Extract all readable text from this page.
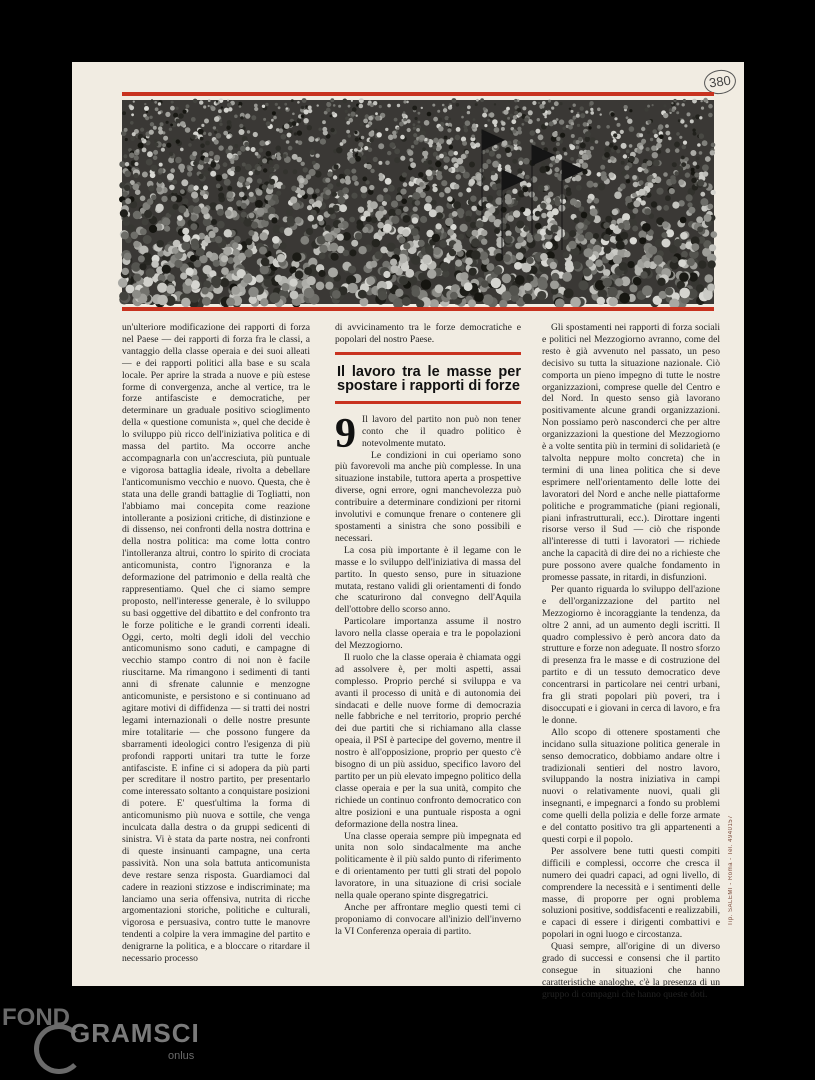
380

un'ulteriore modificazione dei rapporti di forza nel Paese — dei rapporti di forza fra le classi, a vantaggio della classe operaia e dei suoi alleati — e dei rapporti politici alla base e su scala locale. Per aprire la strada a nuove e più estese forme di convergenza, anche al vertice, tra le forze antifasciste e democratiche, per determinare un graduale positivo scioglimento della « questione comunista », quel che decide è lo sviluppo più ricco dell'iniziativa politica e di massa del partito. Ma occorre anche accompagnarla con un'accresciuta, più puntuale e vigorosa battaglia ideale, rivolta a debellare l'anticomunismo vecchio e nuovo. Questa, che è stata una delle grandi battaglie di Togliatti, non l'abbiamo mai concepita come reazione intollerante a posizioni critiche, di distinzione e di dissenso, nei confronti della nostra dottrina e della nostra politica: ma come lotta contro l'intolleranza altrui, contro lo spirito di crociata anticomunista, contro l'ignoranza e la deformazione del patrimonio e della realtà che rappresentiamo. Quel che ci siamo sempre proposto, nell'interesse generale, è lo sviluppo su basi oggettive del dibattito e del confronto tra le forze politiche e le grandi correnti ideali. Oggi, certo, molti degli idoli del vecchio anticomunismo sono caduti, e campagne di vecchio stampo contro di noi non è facile riuscitarne. Ma rimangono i sedimenti di tanti anni di sfrenate calunnie e menzogne anticomuniste, e persistono e si continuano ad agitare motivi di diffidenza — si tratti dei nostri legami internazionali o delle nostre presunte mire totalitarie — che possono fungere da sbarramenti ideologici contro l'esigenza di più profondi rapporti unitari tra tutte le forze antifasciste. E infine ci si adopera da più parti per screditare il nostro partito, per presentarlo come interessato soltanto a conquistare posizioni di potere. E' quest'ultima la forma di anticomunismo più nuova e sottile, che venga inculcata dalla destra o da gruppi sedicenti di sinistra. Vi è stata da parte nostra, nei confronti di queste insinuanti campagne, una certa passività. Non una sola battuta anticomunista deve restare senza risposta. Guardiamoci dal cadere in reazioni stizzose e indiscriminate; ma lanciamo una seria offensiva, nutrita di ricche argomentazioni storiche, politiche e culturali, vigorosa e persuasiva, contro tutte le manovre tendenti a colpire la vera immagine del partito e denigrarne la politica, e a bloccare o ritardare il necessario processo

di avvicinamento tra le forze democratiche e popolari del nostro Paese.

Il lavoro tra le masse per spostare i rapporti di forze

9 Il lavoro del partito non può non tener conto che il quadro politico è notevolmente mutato.

Le condizioni in cui operiamo sono più favorevoli ma anche più complesse. In una situazione instabile, tuttora aperta a prospettive diverse, ogni errore, ogni manchevolezza può contribuire a determinare condizioni per ritorni involutivi e comunque frenare o contenere gli spostamenti a sinistra che sono possibili e necessari.

La cosa più importante è il legame con le masse e lo sviluppo dell'iniziativa di massa del partito. In questo senso, pure in situazione mutata, restano validi gli orientamenti di fondo che scaturirono dal convegno dell'Aquila dell'ottobre dello scorso anno.

Particolare importanza assume il nostro lavoro nella classe operaia e tra le popolazioni del Mezzogiorno.

Il ruolo che la classe operaia è chiamata oggi ad assolvere è, per molti aspetti, assai complesso. Proprio perché si sviluppa e va avanti il processo di unità e di autonomia dei sindacati e delle nuove forme di democrazia nelle fabbriche e nel territorio, proprio perché dei due partiti che si richiamano alla classe opeaia, il PSI è partecipe del governo, mentre il nostro è all'opposizione, proprio per questo c'è bisogno di un più assiduo, specifico lavoro del partito per un più elevato impegno politico della classe operaia e per la sua unità, compito che richiede un continuo confronto democratico con altre posizioni e una puntuale risposta a ogni deformazione della nostra linea.

Una classe operaia sempre più impegnata ed unita non solo sindacalmente ma anche politicamente è il più saldo punto di riferimento e di orientamento per tutti gli strati del popolo lavoratore, in una situazione di crisi sociale nella quale operano spinte disgregatrici.

Anche per affrontare meglio questi temi ci proponiamo di convocare all'inizio dell'inverno la VI Conferenza operaia di partito.

Gli spostamenti nei rapporti di forza sociali e politici nel Mezzogiorno avranno, come del resto è già avvenuto nel passato, un peso decisivo su tutta la situazione nazionale. Ciò comporta un pieno impegno di tutte le nostre organizzazioni, comprese quelle del Centro e del Nord. In questo senso già lavorano positivamente alcune grandi organizzazioni. Non possiamo però nasconderci che per altre organizzazioni la questione del Mezzogiorno è a volte sentita più in termini di solidarietà (e talvolta neppure molto concreta) che in termini di una linea politica che si deve esprimere nell'orientamento delle lotte dei lavoratori del Nord e anche nelle piattaforme politiche e programmatiche (piani regionali, piani infrastrutturali, ecc.). Dirottare ingenti risorse verso il Sud — ciò che risponde all'interesse di tutti i lavoratori — richiede anche la capacità di dire dei no a richieste che pure possono avere qualche fondamento in promesse passate, in ritardi, in disfunzioni.

Per quanto riguarda lo sviluppo dell'azione e dell'organizzazione del partito nel Mezzogiorno è incoraggiante la tendenza, da oltre 2 anni, ad un aumento degli iscritti. Il quadro complessivo è però ancora dato da strutture e forze non adeguate. Il nostro sforzo di presenza fra le masse e di costruzione del partito e di un tessuto democratico deve concentrarsi in particolare nei centri urbani, fra gli strati popolari più poveri, tra i disoccupati e i giovani in cerca di lavoro, e fra le donne.

Allo scopo di ottenere spostamenti che incidano sulla situazione politica generale in senso democratico, dobbiamo andare oltre i tradizionali sentieri del nostro lavoro, sviluppando la nostra iniziativa in campi nuovi o relativamente nuovi, quali gli insegnanti, e impegnarci a fondo su problemi come quelli della polizia e delle forze armate e del contatto positivo tra gli appartenenti a questi corpi e il popolo.

Per assolvere bene tutti questi compiti difficili e complessi, occorre che cresca il numero dei quadri capaci, ad ogni livello, di comprendere la necessità e i sentimenti delle masse, di proporre per ogni problema soluzioni positive, soddisfacenti e realizzabili, e capaci di essere i dirigenti combattivi e popolari in ogni luogo e circostanza.

Quasi sempre, all'origine di un diverso grado di successi e consensi che il partito consegue in situazioni che hanno caratteristiche analoghe, c'è la presenza di un gruppo di compagni che hanno queste doti.

Tip. SALEMI - Roma - Tel. 4940157
FOND
GRAMSCI
onlus
